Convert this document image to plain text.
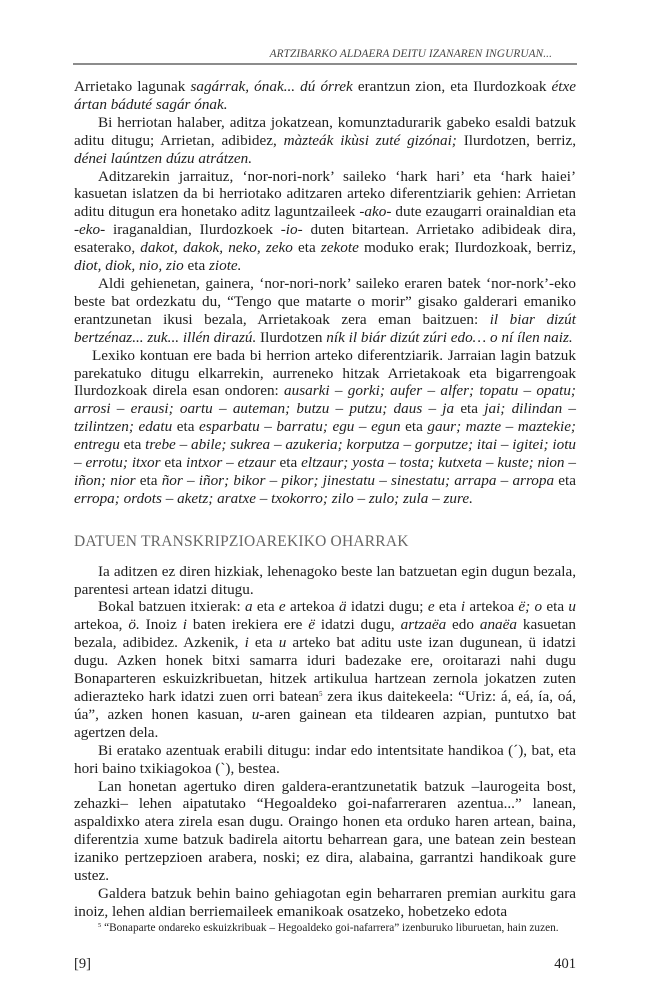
ARTZIBARKO ALDAERA DEITU IZANAREN INGURUAN...

Arrietako lagunak sagárrak, ónak... dú órrek erantzun zion, eta Ilurdozkoak étxe ártan báduté sagár ónak.

Bi herriotan halaber, aditza jokatzean, komunztadurarik gabeko esaldi batzuk aditu ditugu; Arrietan, adibidez, màzteák ikùsi zuté gizónai; Ilurdotzen, berriz, dénei laúntzen dúzu atrátzen.

Aditzarekin jarraituz, ‘nor-nori-nork’ saileko ‘hark hari’ eta ‘hark haiei’ kasuetan islatzen da bi herriotako aditzaren arteko diferentziarik gehien: Arrietan aditu ditugun era honetako aditz laguntzaileek -ako- dute ezaugarri orainaldian eta -eko- iraganaldian, Ilurdozkoek -io- duten bitartean. Arrietako adibideak dira, esaterako, dakot, dakok, neko, zeko eta zekote moduko erak; Ilurdozkoak, berriz, diot, diok, nio, zio eta ziote.

Aldi gehienetan, gainera, ‘nor-nori-nork’ saileko eraren batek ‘nor-nork’-eko beste bat ordezkatu du, “Tengo que matarte o morir” gisako galderari emaniko erantzunetan ikusi bezala, Arrietakoak zera eman baitzuen: il biar dizút bertzénaz... zuk... illén dirazú. Ilurdotzen ník il biár dizút zúri edo… o ní ílen naiz.

Lexiko kontuan ere bada bi herrion arteko diferentziarik. Jarraian lagin batzuk parekatuko ditugu elkarrekin, aurreneko hitzak Arrietakoak eta bigarrengoak Ilurdozkoak direla esan ondoren: ausarki – gorki; aufer – alfer; topatu – opatu; arrosi – erausi; oartu – auteman; butzu – putzu; daus – ja eta jai; dilindan – tzilintzen; edatu eta esparbatu – barratu; egu – egun eta gaur; mazte – maztekie; entregu eta trebe – abile; sukrea – azukeria; korputza – gorputze; itai – igitei; iotu – errotu; itxor eta intxor – etzaur eta eltzaur; yosta – tosta; kutxeta – kuste; nion – iñon; nior eta ñor – iñor; bikor – pikor; jinestatu – sinestatu; arrapa – arropa eta erropa; ordots – aketz; aratxe – txokorro; zilo – zulo; zula – zure.

DATUEN TRANSKRIPZIOAREKIKO OHARRAK

Ia aditzen ez diren hizkiak, lehenagoko beste lan batzuetan egin dugun bezala, parentesi artean idatzi ditugu.

Bokal batzuen itxierak: a eta e artekoa ä idatzi dugu; e eta i artekoa ë; o eta u artekoa, ö. Inoiz i baten irekiera ere ë idatzi dugu, artzaëa edo anaëa kasuetan bezala, adibidez. Azkenik, i eta u arteko bat aditu uste izan dugunean, ü idatzi dugu. Azken honek bitxi samarra iduri badezake ere, oroitarazi nahi dugu Bonaparteren eskuizkribuetan, hitzek artikulua hartzean zernola jokatzen zuten adierazteko hark idatzi zuen orri batean$^5$ zera ikus daitekeela: “Uriz: á, eá, ía, oá, úa”, azken honen kasuan, u-aren gainean eta tildearen azpian, puntutxo bat agertzen dela.

Bi eratako azentuak erabili ditugu: indar edo intentsitate handikoa (´), bat, eta hori baino txikiagokoa (`), bestea.

Lan honetan agertuko diren galdera-erantzunetatik batzuk –laurogeita bost, zehazki– lehen aipatutako “Hegoaldeko goi-nafarreraren azentua...” lanean, aspaldixko atera zirela esan dugu. Oraingo honen eta orduko haren artean, baina, diferentzia xume batzuk badirela aitortu beharrean gara, une batean zein bestean izaniko pertzepzioen arabera, noski; ez dira, alabaina, garrantzi handikoak gure ustez.

Galdera batzuk behin baino gehiagotan egin beharraren premian aurkitu gara inoiz, lehen aldian berriemaileek emanikoak osatzeko, hobetzeko edota

$^5$ “Bonaparte ondareko eskuizkribuak – Hegoaldeko goi-nafarrera” izenburuko liburuetan, hain zuzen.
[9]	401
